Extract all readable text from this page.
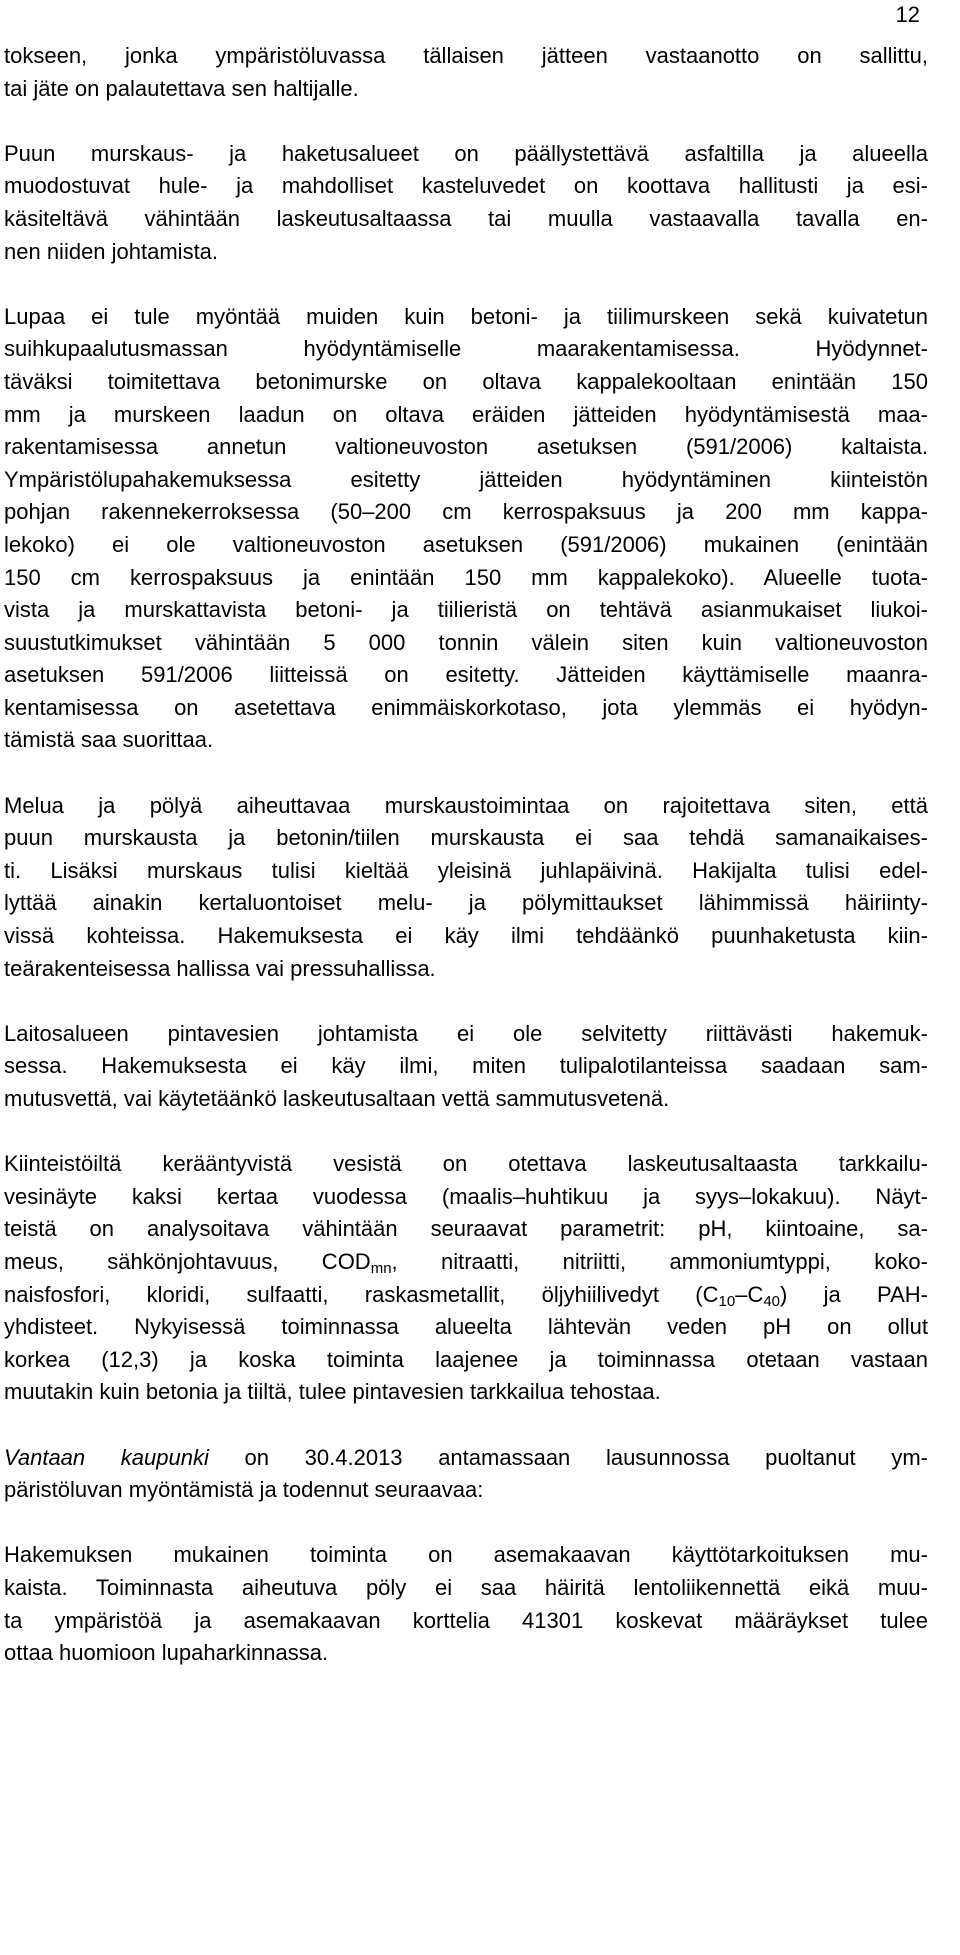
12
tokseen, jonka ympäristöluvassa tällaisen jätteen vastaanotto on sallittu,
tai jäte on palautettava sen haltijalle.
Puun murskaus- ja haketusalueet on päällystettävä asfaltilla ja alueella
muodostuvat hule- ja mahdolliset kasteluvedet on koottava hallitusti ja esi-
käsiteltävä vähintään laskeutusaltaassa tai muulla vastaavalla tavalla en-
nen niiden johtamista.
Lupaa ei tule myöntää muiden kuin betoni- ja tiilimurskeen sekä kuivatetun
suihkupaalutusmassan hyödyntämiselle maarakentamisessa. Hyödynnet-
täväksi toimitettava betonimurske on oltava kappalekooltaan enintään 150
mm ja murskeen laadun on oltava eräiden jätteiden hyödyntämisestä maa-
rakentamisessa annetun valtioneuvoston asetuksen (591/2006) kaltaista.
Ympäristölupahakemuksessa esitetty jätteiden hyödyntäminen kiinteistön
pohjan rakennekerroksessa (50–200 cm kerrospaksuus ja 200 mm kappa-
lekoko) ei ole valtioneuvoston asetuksen (591/2006) mukainen (enintään
150 cm kerrospaksuus ja enintään 150 mm kappalekoko). Alueelle tuota-
vista ja murskattavista betoni- ja tiilieristä on tehtävä asianmukaiset liukoi-
suustutkimukset vähintään 5 000 tonnin välein siten kuin valtioneuvoston
asetuksen 591/2006 liitteissä on esitetty. Jätteiden käyttämiselle maanra-
kentamisessa on asetettava enimmäiskorkotaso, jota ylemmäs ei hyödyn-
tämistä saa suorittaa.
Melua ja pölyä aiheuttavaa murskaustoimintaa on rajoitettava siten, että
puun murskausta ja betonin/tiilen murskausta ei saa tehdä samanaikaises-
ti. Lisäksi murskaus tulisi kieltää yleisinä juhlapäivinä. Hakijalta tulisi edel-
lyttää ainakin kertaluontoiset melu- ja pölymittaukset lähimmissä häiriinty-
vissä kohteissa. Hakemuksesta ei käy ilmi tehdäänkö puunhaketusta kiin-
teärakenteisessa hallissa vai pressuhallissa.
Laitosalueen pintavesien johtamista ei ole selvitetty riittävästi hakemuk-
sessa. Hakemuksesta ei käy ilmi, miten tulipalotilanteissa saadaan sam-
mutusvettä, vai käytetäänkö laskeutusaltaan vettä sammutusvetenä.
Kiinteistöiltä kerääntyvistä vesistä on otettava laskeutusaltaasta tarkkailu-
vesinäyte kaksi kertaa vuodessa (maalis–huhtikuu ja syys–lokakuu). Näyt-
teistä on analysoitava vähintään seuraavat parametrit: pH, kiintoaine, sa-
meus, sähkönjohtavuus, $COD_{mn}$, nitraatti, nitriitti, ammoniumtyppi, koko-
naisfosfori, kloridi, sulfaatti, raskasmetallit, öljyhiilivedyt $(C_{10}-C_{40})$ ja PAH-
yhdisteet. Nykyisessä toiminnassa alueelta lähtevän veden pH on ollut
korkea (12,3) ja koska toiminta laajenee ja toiminnassa otetaan vastaan
muutakin kuin betonia ja tiiltä, tulee pintavesien tarkkailua tehostaa.
Vantaan kaupunki on 30.4.2013 antamassaan lausunnossa puoltanut ym-
päristöluvan myöntämistä ja todennut seuraavaa:
Hakemuksen mukainen toiminta on asemakaavan käyttötarkoituksen mu-
kaista. Toiminnasta aiheutuva pöly ei saa häiritä lentoliikennettä eikä muu-
ta ympäristöä ja asemakaavan korttelia 41301 koskevat määräykset tulee
ottaa huomioon lupaharkinnassa.
